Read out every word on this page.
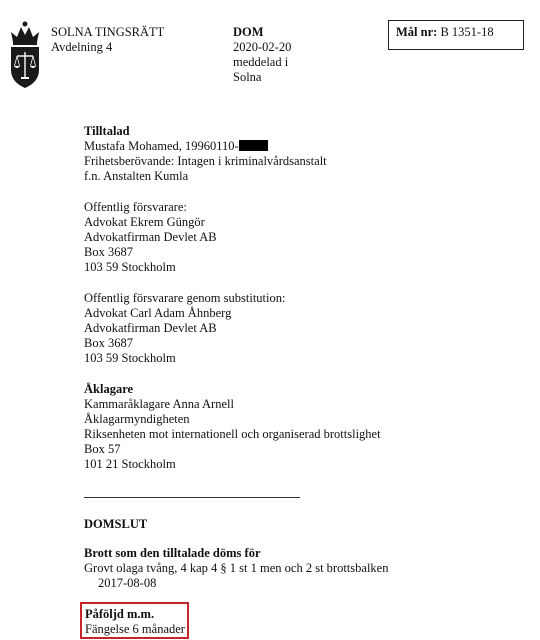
SOLNA TINGSRÄTT
Avdelning 4
DOM
2020-02-20
meddelad i
Solna
Mål nr: B 1351-18
Tilltalad
Mustafa Mohamed, 19960110-
Frihetsberövande: Intagen i kriminalvårdsanstalt
f.n. Anstalten Kumla
Offentlig försvarare:
Advokat Ekrem Güngör
Advokatfirman Devlet AB
Box 3687
103 59 Stockholm
Offentlig försvarare genom substitution:
Advokat Carl Adam Åhnberg
Advokatfirman Devlet AB
Box 3687
103 59 Stockholm
Åklagare
Kammaråklagare Anna Arnell
Åklagarmyndigheten
Riksenheten mot internationell och organiserad brottslighet
Box 57
101 21 Stockholm
DOMSLUT
Brott som den tilltalade döms för
Grovt olaga tvång, 4 kap 4 § 1 st 1 men och 2 st brottsbalken
2017-08-08
Påföljd m.m.
Fängelse 6 månader
